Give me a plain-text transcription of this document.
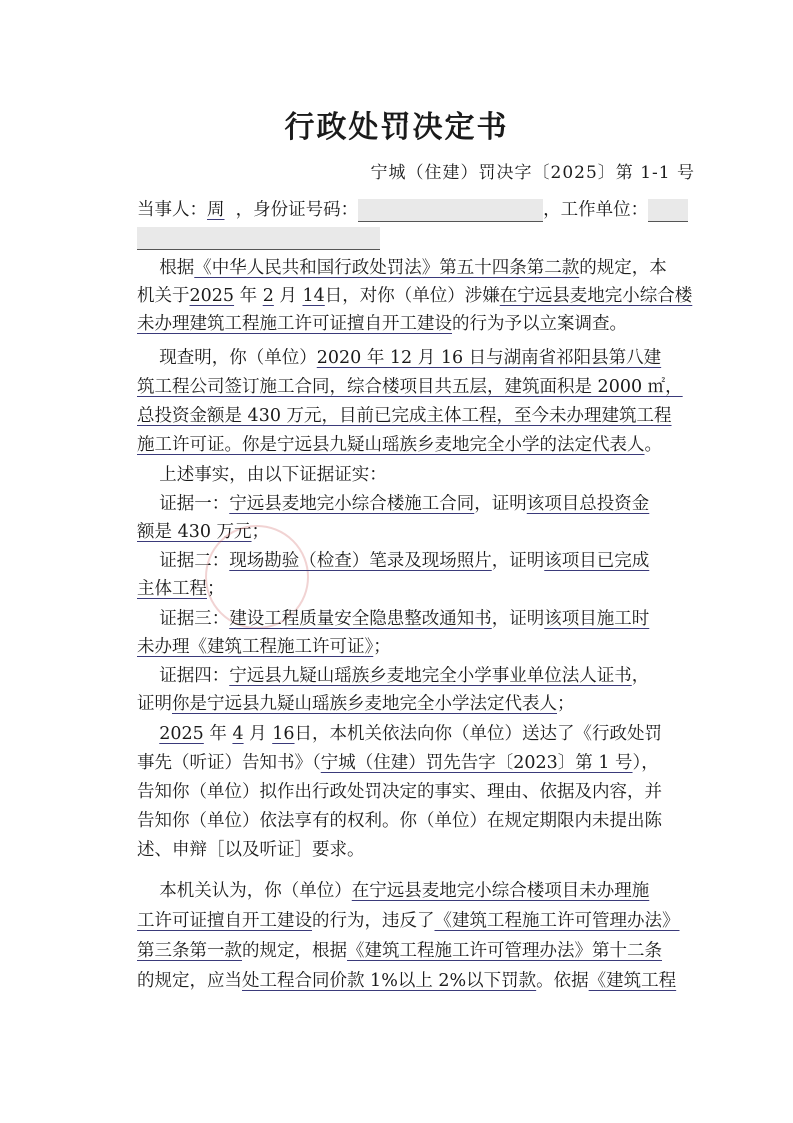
行政处罚决定书
宁城（住建）罚决字〔2025〕第 1-1 号
当事人：周 ，身份证号码：	，工作单位：
根据《中华人民共和国行政处罚法》第五十四条第二款的规定，本
机关于2025 年 2 月 14日，对你（单位）涉嫌在宁远县麦地完小综合楼
未办理建筑工程施工许可证擅自开工建设的行为予以立案调查。
现查明，你（单位）2020 年 12 月 16 日与湖南省祁阳县第八建
筑工程公司签订施工合同，综合楼项目共五层，建筑面积是 2000 ㎡，
总投资金额是 430 万元，目前已完成主体工程，至今未办理建筑工程
施工许可证。你是宁远县九疑山瑶族乡麦地完全小学的法定代表人。
上述事实，由以下证据证实：
证据一：宁远县麦地完小综合楼施工合同，证明该项目总投资金
额是 430 万元；
证据二：现场勘验（检查）笔录及现场照片，证明该项目已完成
主体工程；
证据三：建设工程质量安全隐患整改通知书，证明该项目施工时
未办理《建筑工程施工许可证》；
证据四：宁远县九疑山瑶族乡麦地完全小学事业单位法人证书，
证明你是宁远县九疑山瑶族乡麦地完全小学法定代表人；
2025 年 4 月 16日，本机关依法向你（单位）送达了《行政处罚
事先（听证）告知书》（宁城（住建）罚先告字〔2023〕第 1 号），
告知你（单位）拟作出行政处罚决定的事实、理由、依据及内容，并
告知你（单位）依法享有的权利。你（单位）在规定期限内未提出陈
述、申辩［以及听证］要求。
本机关认为，你（单位）在宁远县麦地完小综合楼项目未办理施
工许可证擅自开工建设的行为，违反了《建筑工程施工许可管理办法》
第三条第一款的规定，根据《建筑工程施工许可管理办法》第十二条
的规定，应当处工程合同价款 1%以上 2%以下罚款。依据《建筑工程
